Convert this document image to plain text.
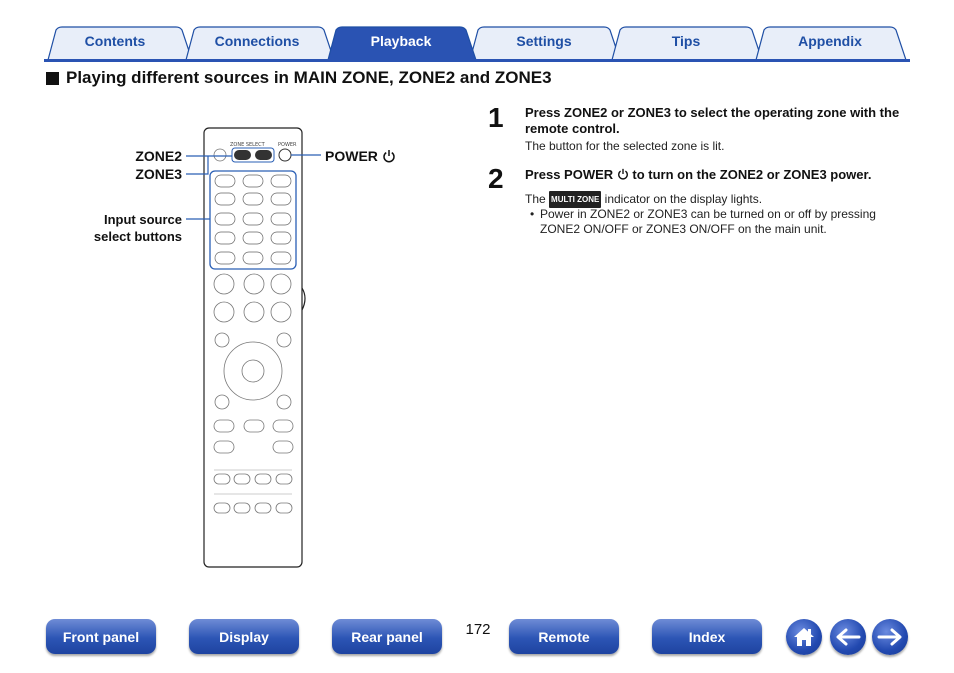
Contents	Connections	Playback	Settings	Tips	Appendix
Playing different sources in MAIN ZONE, ZONE2 and ZONE3
ZONE SELECT	POWER
ZONE2
ZONE3
POWER
Input source
select buttons
1 Press ZONE2 or ZONE3 to select the operating zone with the remote control.
The button for the selected zone is lit.
2 Press POWER to turn on the ZONE2 or ZONE3 power.
The MULTI ZONE indicator on the display lights.
• Power in ZONE2 or ZONE3 can be turned on or off by pressing ZONE2 ON/OFF or ZONE3 ON/OFF on the main unit.
Front panel	Display	Rear panel	172	Remote	Index
